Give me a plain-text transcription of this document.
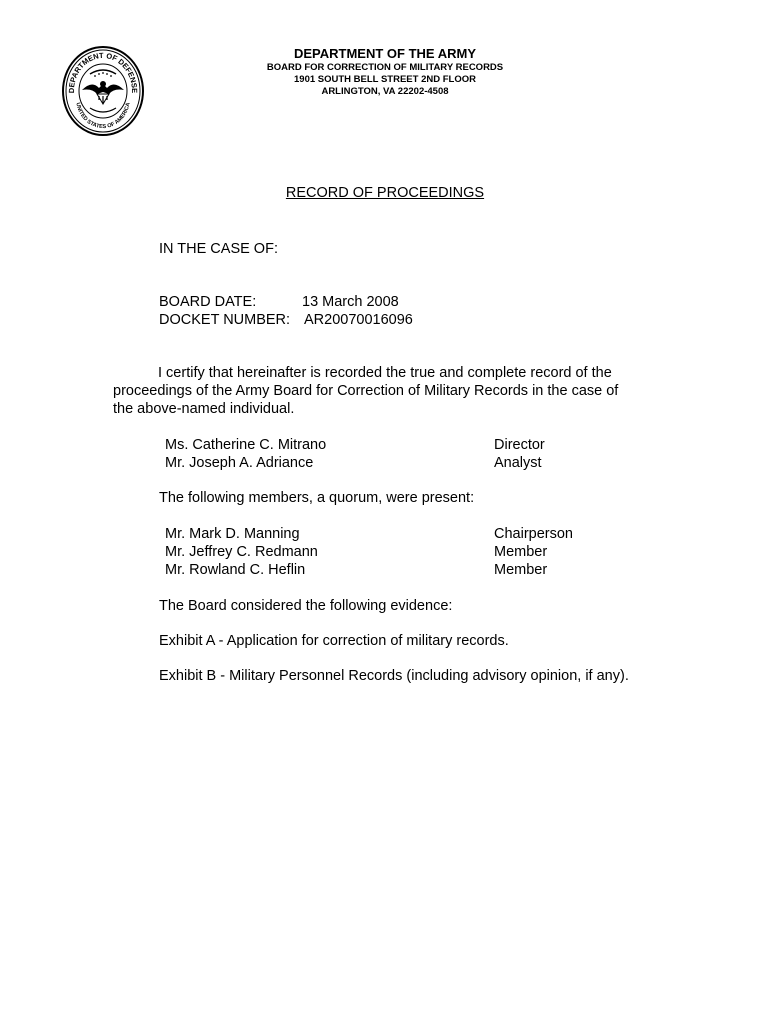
DEPARTMENT OF DEFENSE
UNITED STATES OF AMERICA
DEPARTMENT OF THE ARMY
BOARD FOR CORRECTION OF MILITARY RECORDS
1901 SOUTH BELL STREET 2ND FLOOR
ARLINGTON, VA 22202-4508
RECORD OF PROCEEDINGS
IN THE CASE OF:
BOARD DATE:	13 March 2008
DOCKET NUMBER: AR20070016096
I certify that hereinafter is recorded the true and complete record of the
proceedings of the Army Board for Correction of Military Records in the case of
the above-named individual.
Ms. Catherine C. Mitrano	Director
Mr. Joseph A. Adriance	Analyst
The following members, a quorum, were present:
Mr. Mark D. Manning	Chairperson
Mr. Jeffrey C. Redmann	Member
Mr. Rowland C. Heflin	Member
The Board considered the following evidence:
Exhibit A - Application for correction of military records.
Exhibit B - Military Personnel Records (including advisory opinion, if any).
